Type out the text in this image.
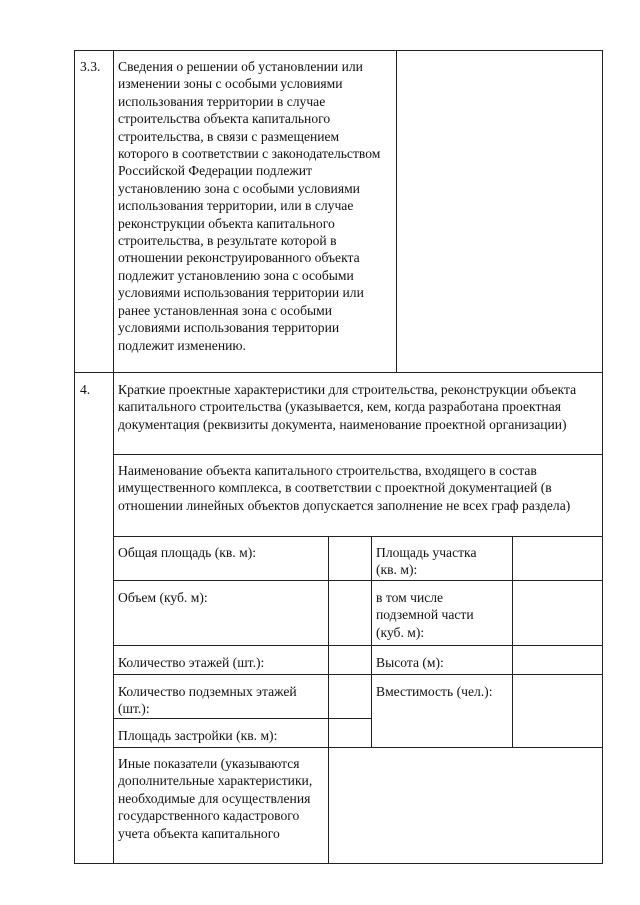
3.3. Сведения о решении об установлении или изменении зоны с особыми условиями использования территории в случае строительства объекта капитального строительства, в связи с размещением которого в соответствии с законодательством Российской Федерации подлежит установлению зона с особыми условиями использования территории, или в случае реконструкции объекта капитального строительства, в результате которой в отношении реконструированного объекта подлежит установлению зона с особыми условиями использования территории или ранее установленная зона с особыми условиями использования территории подлежит изменению.
4. Краткие проектные характеристики для строительства, реконструкции объекта капитального строительства (указывается, кем, когда разработана проектная документация (реквизиты документа, наименование проектной организации)
Наименование объекта капитального строительства, входящего в состав имущественного комплекса, в соответствии с проектной документацией (в отношении линейных объектов допускается заполнение не всех граф раздела)
Общая площадь (кв. м):	Площадь участка (кв. м):
Объем (куб. м):	в том числе подземной части (куб. м):
Количество этажей (шт.):	Высота (м):
Количество подземных этажей (шт.):
Вместимость (чел.):
Площадь застройки (кв. м):
Иные показатели (указываются дополнительные характеристики, необходимые для осуществления государственного кадастрового учета объекта капитального
